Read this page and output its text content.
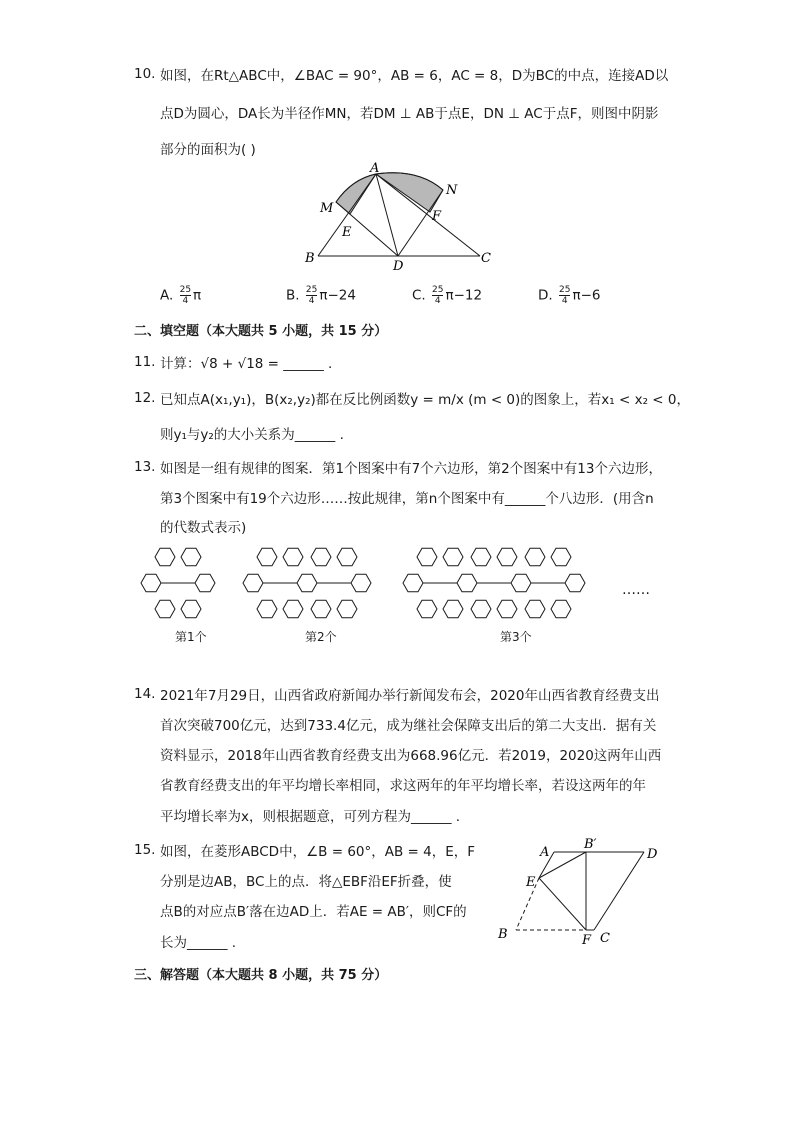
10. 如图，在Rt△ABC中，∠BAC = 90°，AB = 6，AC = 8，D为BC的中点，连接AD以
点D为圆心，DA长为半径作MN，若DM ⊥ AB于点E，DN ⊥ AC于点F，则图中阴影
部分的面积为( )
A
N
M
F
E
B
D
C
A. $\frac{25}{4}$ π	B. $\frac{25}{4} \pi-24$	C. $\frac{25}{4} \pi-12$	D. $\frac{25}{4} \pi-6$
二、填空题（本大题共 5 小题，共 15 分）
11. 计算：√8 + √18 = ______ .
12. 已知点A(x₁,y₁)，B(x₂,y₂)都在反比例函数y = m/x (m < 0)的图象上，若x₁ < x₂ < 0，
则y₁与y₂的大小关系为______ .
13. 如图是一组有规律的图案．第1个图案中有7个六边形，第2个图案中有13个六边形，
第3个图案中有19个六边形……按此规律，第n个图案中有______个八边形．(用含n
的代数式表示)
第1个	第2个	第3个
……
14. 2021年7月29日，山西省政府新闻办举行新闻发布会，2020年山西省教育经费支出
首次突破700亿元，达到733.4亿元，成为继社会保障支出后的第二大支出．据有关
资料显示，2018年山西省教育经费支出为668.96亿元．若2019，2020这两年山西
省教育经费支出的年平均增长率相同，求这两年的年平均增长率，若设这两年的年
平均增长率为x，则根据题意，可列方程为______ .
15. 如图，在菱形ABCD中，∠B = 60°，AB = 4，E，F
分别是边AB，BC上的点．将△EBF沿EF折叠，使
点B的对应点B′落在边AD上．若AE = AB′，则CF的
长为______ .
A
B′
D
E
B	F C
三、解答题（本大题共 8 小题，共 75 分）
